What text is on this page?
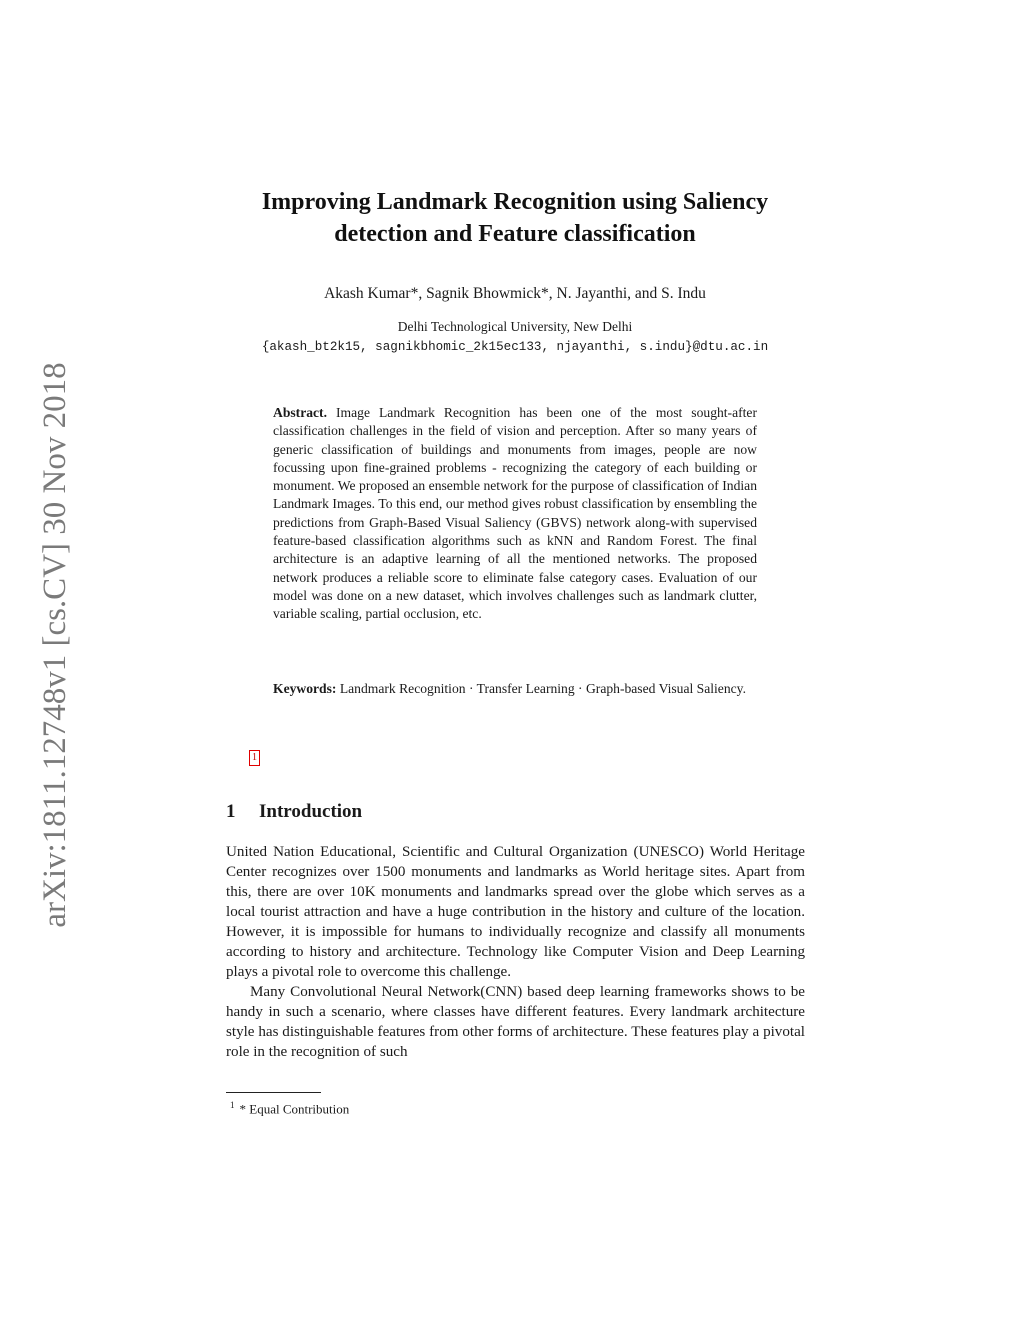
arXiv:1811.12748v1 [cs.CV] 30 Nov 2018
Improving Landmark Recognition using Saliency
detection and Feature classification
Akash Kumar*, Sagnik Bhowmick*, N. Jayanthi, and S. Indu
Delhi Technological University, New Delhi
{akash_bt2k15, sagnikbhomic_2k15ec133, njayanthi, s.indu}@dtu.ac.in
Abstract. Image Landmark Recognition has been one of the most sought-after classification challenges in the field of vision and perception. After so many years of generic classification of buildings and monuments from images, people are now focussing upon fine-grained problems - recognizing the category of each building or monument. We proposed an ensemble network for the purpose of classification of Indian Landmark Images. To this end, our method gives robust classification by ensembling the predictions from Graph-Based Visual Saliency (GBVS) network along-with supervised feature-based classification algorithms such as kNN and Random Forest. The final architecture is an adaptive learning of all the mentioned networks. The proposed network produces a reliable score to eliminate false category cases. Evaluation of our model was done on a new dataset, which involves challenges such as landmark clutter, variable scaling, partial occlusion, etc.
Keywords: Landmark Recognition · Transfer Learning · Graph-based Visual Saliency.
1
1 Introduction

United Nation Educational, Scientific and Cultural Organization (UNESCO) World Heritage Center recognizes over 1500 monuments and landmarks as World heritage sites. Apart from this, there are over 10K monuments and landmarks spread over the globe which serves as a local tourist attraction and have a huge contribution in the history and culture of the location. However, it is impossible for humans to individually recognize and classify all monuments according to history and architecture. Technology like Computer Vision and Deep Learning plays a pivotal role to overcome this challenge.

Many Convolutional Neural Network(CNN) based deep learning frameworks shows to be handy in such a scenario, where classes have different features. Every landmark architecture style has distinguishable features from other forms of architecture. These features play a pivotal role in the recognition of such

$^1$ * Equal Contribution
